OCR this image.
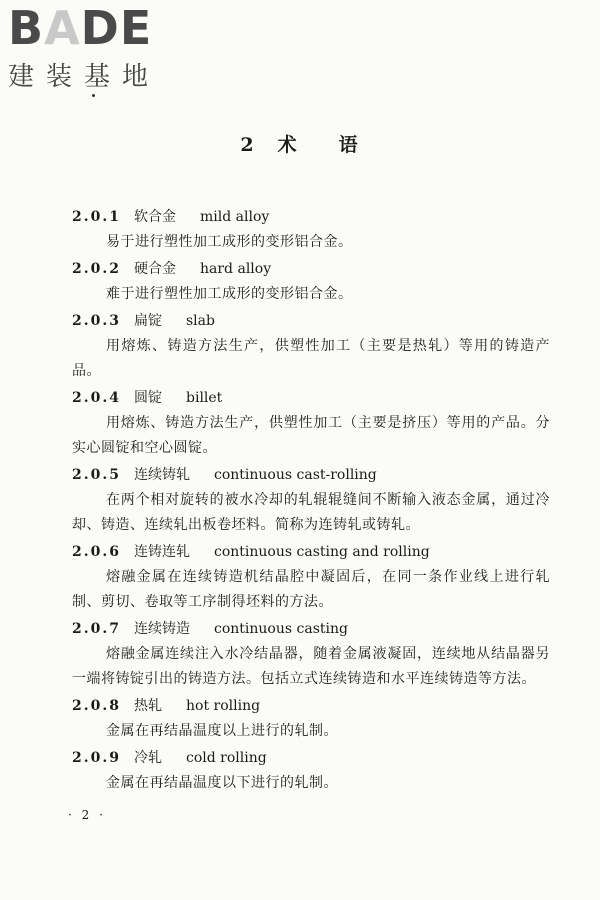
BADE
建装基地
2 术 语

2.0.1 软合金 mild alloy

易于进行塑性加工成形的变形铝合金。

2.0.2 硬合金 hard alloy

难于进行塑性加工成形的变形铝合金。

2.0.3 扁锭 slab

用熔炼、铸造方法生产，供塑性加工（主要是热轧）等用的铸造产品。

2.0.4 圆锭 billet

用熔炼、铸造方法生产，供塑性加工（主要是挤压）等用的产品。分实心圆锭和空心圆锭。

2.0.5 连续铸轧 continuous cast-rolling

在两个相对旋转的被水冷却的轧辊辊缝间不断输入液态金属，通过冷却、铸造、连续轧出板卷坯料。简称为连铸轧或铸轧。

2.0.6 连铸连轧 continuous casting and rolling

熔融金属在连续铸造机结晶腔中凝固后，在同一条作业线上进行轧制、剪切、卷取等工序制得坯料的方法。

2.0.7 连续铸造 continuous casting

熔融金属连续注入水冷结晶器，随着金属液凝固，连续地从结晶器另一端将铸锭引出的铸造方法。包括立式连续铸造和水平连续铸造等方法。

2.0.8 热轧 hot rolling

金属在再结晶温度以上进行的轧制。

2.0.9 冷轧 cold rolling

金属在再结晶温度以下进行的轧制。

· 2 ·
